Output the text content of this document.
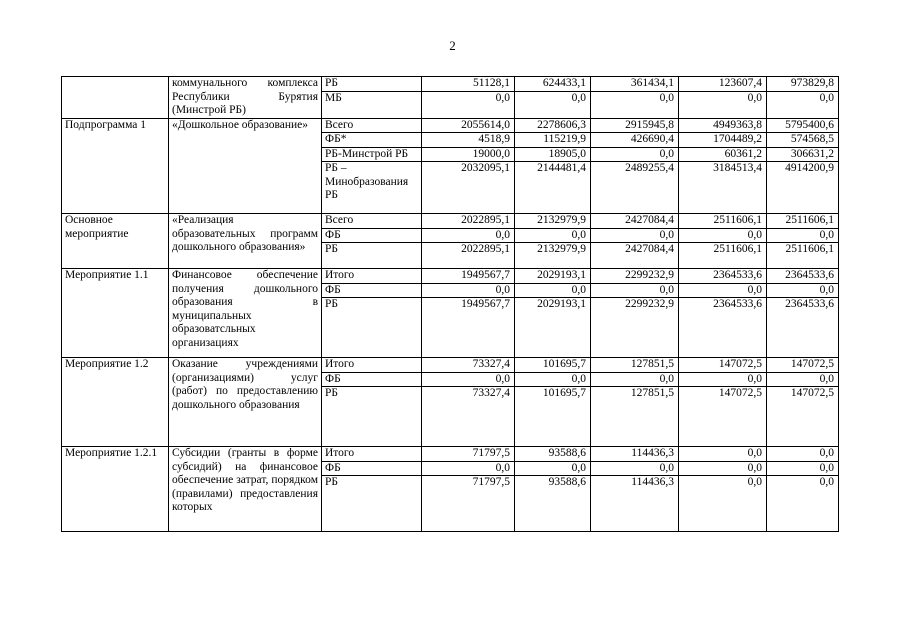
2
	коммунального комплекса Республики Бурятия (Минстрой РБ)	РБ	51128,1	624433,1	361434,1	123607,4	973829,8
		МБ	0,0	0,0	0,0	0,0	0,0
Подпрограмма 1	«Дошкольное образование»	Всего	2055614,0	2278606,3	2915945,8	4949363,8	5795400,6
		ФБ*	4518,9	115219,9	426690,4	1704489,2	574568,5
		РБ-Минстрой РБ	19000,0	18905,0	0,0	60361,2	306631,2
		РБ – Минобразования РБ	2032095,1	2144481,4	2489255,4	3184513,4	4914200,9
Основное мероприятие	«Реализация образовательных программ дошкольного образования»	Всего	2022895,1	2132979,9	2427084,4	2511606,1	2511606,1
		ФБ	0,0	0,0	0,0	0,0	0,0
		РБ	2022895,1	2132979,9	2427084,4	2511606,1	2511606,1
Мероприятие 1.1	Финансовое обеспечение получения дошкольного образования в муниципальных образоватсльных организациях	Итого	1949567,7	2029193,1	2299232,9	2364533,6	2364533,6
		ФБ	0,0	0,0	0,0	0,0	0,0
		РБ	1949567,7	2029193,1	2299232,9	2364533,6	2364533,6
Мероприятие 1.2	Оказание учреждениями (организациями) услуг (работ) по предоставлению дошкольного образования	Итого	73327,4	101695,7	127851,5	147072,5	147072,5
		ФБ	0,0	0,0	0,0	0,0	0,0
		РБ	73327,4	101695,7	127851,5	147072,5	147072,5
Мероприятие 1.2.1	Субсидии (гранты в форме субсидий) на финансовое обеспечение затрат, порядком (правилами) предоставления которых	Итого	71797,5	93588,6	114436,3	0,0	0,0
		ФБ	0,0	0,0	0,0	0,0	0,0
		РБ	71797,5	93588,6	114436,3	0,0	0,0
